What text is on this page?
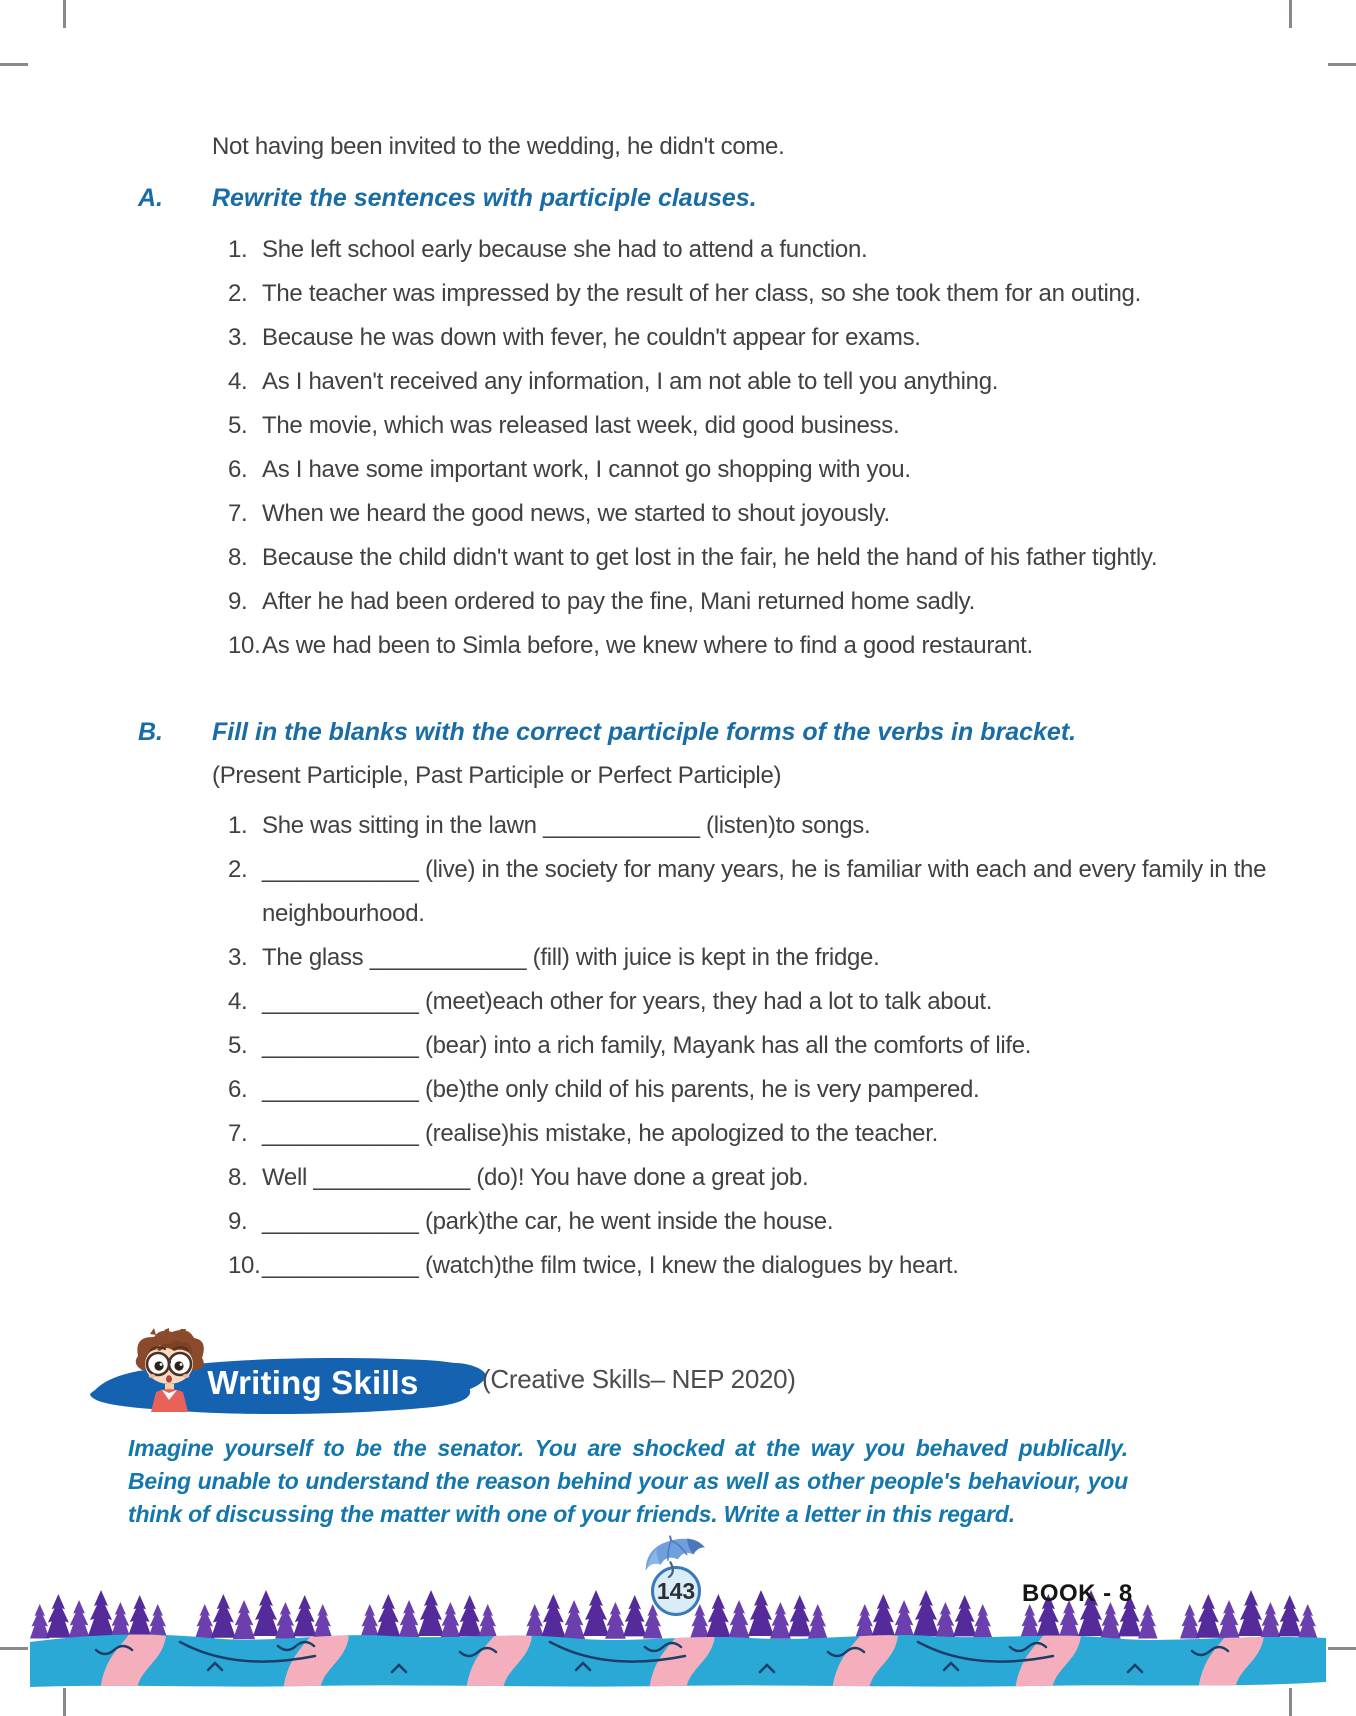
Not having been invited to the wedding, he didn't come.
A. Rewrite the sentences with participle clauses.
1. She left school early because she had to attend a function.
2. The teacher was impressed by the result of her class, so she took them for an outing.
3. Because he was down with fever, he couldn't appear for exams.
4. As I haven't received any information, I am not able to tell you anything.
5. The movie, which was released last week, did good business.
6. As I have some important work, I cannot go shopping with you.
7. When we heard the good news, we started to shout joyously.
8. Because the child didn't want to get lost in the fair, he held the hand of his father tightly.
9. After he had been ordered to pay the fine, Mani returned home sadly.
10. As we had been to Simla before, we knew where to find a good restaurant.
B. Fill in the blanks with the correct participle forms of the verbs in bracket.
(Present Participle, Past Participle or Perfect Participle)
1. She was sitting in the lawn ____________ (listen)to songs.
2. ____________ (live) in the society for many years, he is familiar with each and every family in the neighbourhood.
3. The glass ____________ (fill) with juice is kept in the fridge.
4. ____________ (meet)each other for years, they had a lot to talk about.
5. ____________ (bear) into a rich family, Mayank has all the comforts of life.
6. ____________ (be)the only child of his parents, he is very pampered.
7. ____________ (realise)his mistake, he apologized to the teacher.
8. Well ____________ (do)! You have done a great job.
9. ____________ (park)the car, he went inside the house.
10. ____________ (watch)the film twice, I knew the dialogues by heart.
Writing Skills	(Creative Skills– NEP 2020)
Imagine yourself to be the senator. You are shocked at the way you behaved publically. Being unable to understand the reason behind your as well as other people's behaviour, you think of discussing the matter with one of your friends. Write a letter in this regard.
143	BOOK - 8
